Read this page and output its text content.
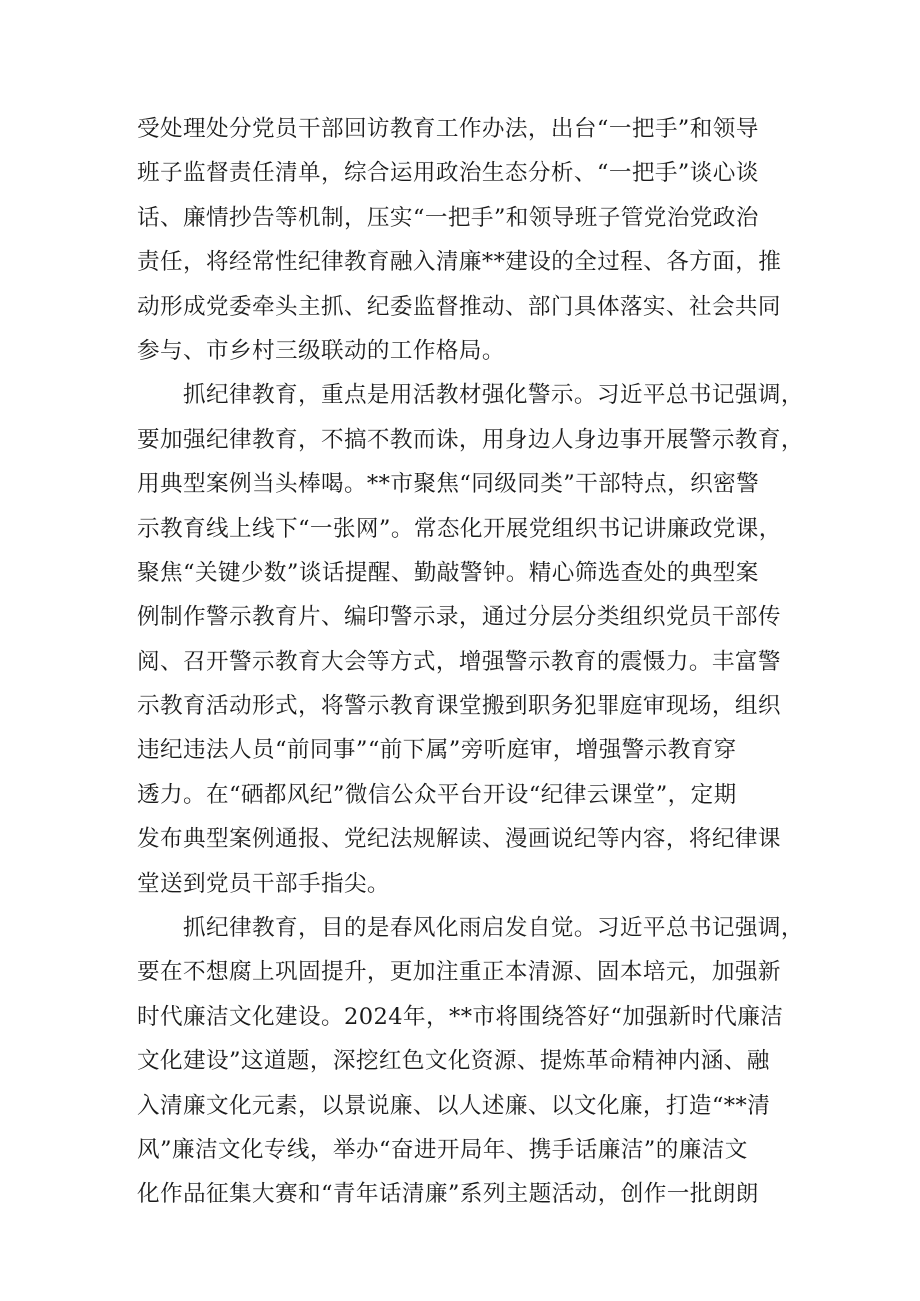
受处理处分党员干部回访教育工作办法，出台“一把手”和领导
班子监督责任清单，综合运用政治生态分析、“一把手”谈心谈
话、廉情抄告等机制，压实“一把手”和领导班子管党治党政治
责任，将经常性纪律教育融入清廉**建设的全过程、各方面，推
动形成党委牵头主抓、纪委监督推动、部门具体落实、社会共同
参与、市乡村三级联动的工作格局。
　　抓纪律教育，重点是用活教材强化警示。习近平总书记强调，
要加强纪律教育，不搞不教而诛，用身边人身边事开展警示教育，
用典型案例当头棒喝。**市聚焦“同级同类”干部特点，织密警
示教育线上线下“一张网”。常态化开展党组织书记讲廉政党课，
聚焦“关键少数”谈话提醒、勤敲警钟。精心筛选查处的典型案
例制作警示教育片、编印警示录，通过分层分类组织党员干部传
阅、召开警示教育大会等方式，增强警示教育的震慑力。丰富警
示教育活动形式，将警示教育课堂搬到职务犯罪庭审现场，组织
违纪违法人员“前同事”“前下属”旁听庭审，增强警示教育穿
透力。在“硒都风纪”微信公众平台开设“纪律云课堂”，定期
发布典型案例通报、党纪法规解读、漫画说纪等内容，将纪律课
堂送到党员干部手指尖。
　　抓纪律教育，目的是春风化雨启发自觉。习近平总书记强调，
要在不想腐上巩固提升，更加注重正本清源、固本培元，加强新
时代廉洁文化建设。2024年，**市将围绕答好“加强新时代廉洁
文化建设”这道题，深挖红色文化资源、提炼革命精神内涵、融
入清廉文化元素，以景说廉、以人述廉、以文化廉，打造“**清
风”廉洁文化专线，举办“奋进开局年、携手话廉洁”的廉洁文
化作品征集大赛和“青年话清廉”系列主题活动，创作一批朗朗
